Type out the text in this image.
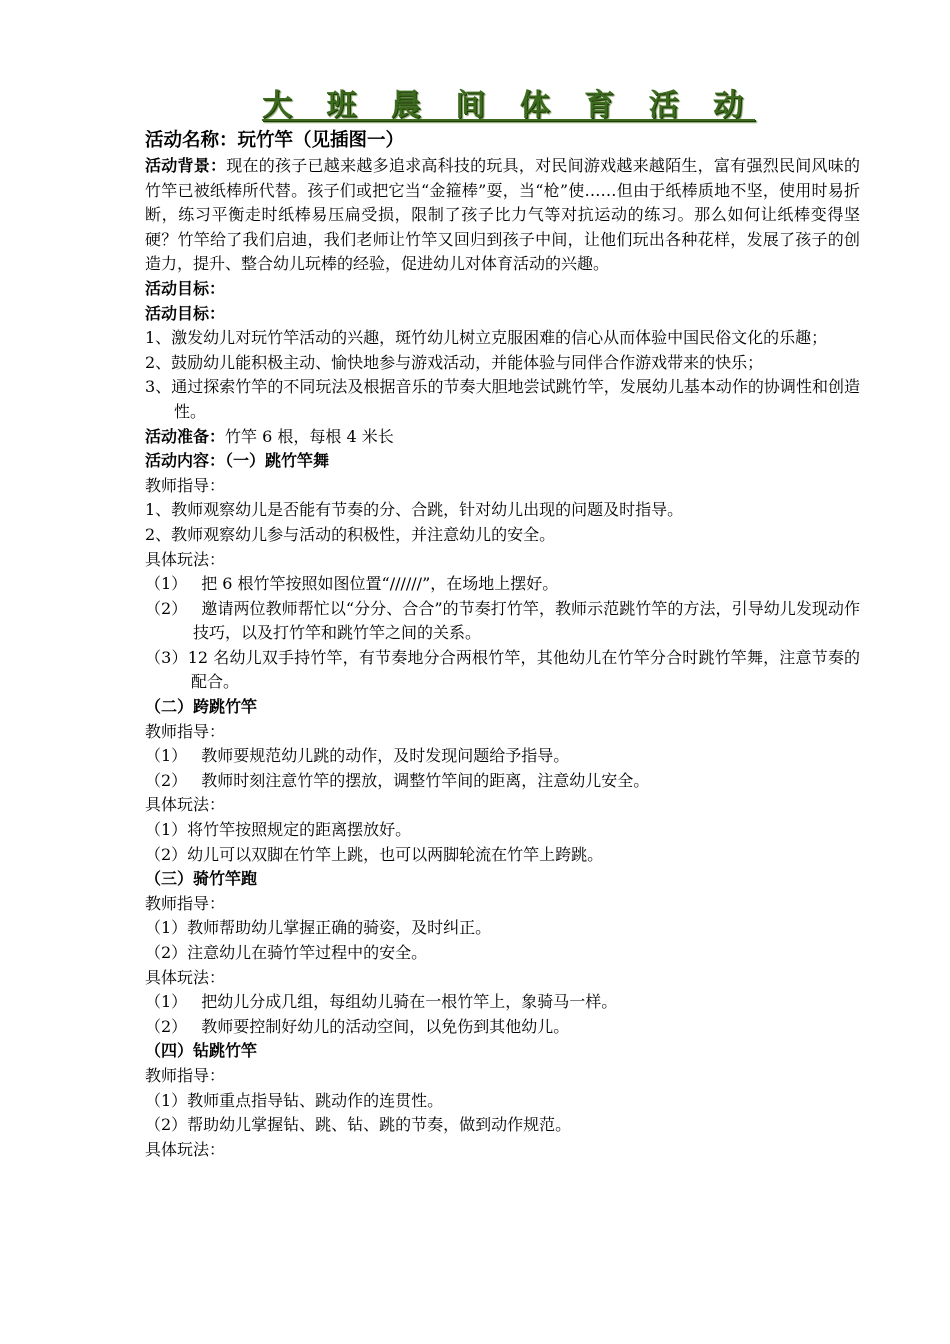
大 班 晨 间 体 育 活 动
活动名称：玩竹竿（见插图一）

活动背景：现在的孩子已越来越多追求高科技的玩具，对民间游戏越来越陌生，富有强烈民间风味的竹竿已被纸棒所代替。孩子们或把它当“金箍棒”耍，当“枪”使……但由于纸棒质地不坚，使用时易折断，练习平衡走时纸棒易压扁受损，限制了孩子比力气等对抗运动的练习。那么如何让纸棒变得坚硬？竹竿给了我们启迪，我们老师让竹竿又回归到孩子中间，让他们玩出各种花样，发展了孩子的创造力，提升、整合幼儿玩棒的经验，促进幼儿对体育活动的兴趣。

活动目标：
活动目标：

1、激发幼儿对玩竹竿活动的兴趣，斑竹幼儿树立克服困难的信心从而体验中国民俗文化的乐趣；

2、鼓励幼儿能积极主动、愉快地参与游戏活动，并能体验与同伴合作游戏带来的快乐；

3、通过探索竹竿的不同玩法及根据音乐的节奏大胆地尝试跳竹竿，发展幼儿基本动作的协调性和创造性。

活动准备：竹竿 6 根，每根 4 米长

活动内容：（一）跳竹竿舞

教师指导：

1、教师观察幼儿是否能有节奏的分、合跳，针对幼儿出现的问题及时指导。

2、教师观察幼儿参与活动的积极性，并注意幼儿的安全。

具体玩法：

（1） 把 6 根竹竿按照如图位置“//////”，在场地上摆好。

（2） 邀请两位教师帮忙以“分分、合合”的节奏打竹竿，教师示范跳竹竿的方法，引导幼儿发现动作技巧，以及打竹竿和跳竹竿之间的关系。

（3）12 名幼儿双手持竹竿，有节奏地分合两根竹竿，其他幼儿在竹竿分合时跳竹竿舞，注意节奏的配合。

（二）跨跳竹竿
教师指导：

（1） 教师要规范幼儿跳的动作，及时发现问题给予指导。

（2） 教师时刻注意竹竿的摆放，调整竹竿间的距离，注意幼儿安全。

具体玩法：

（1）将竹竿按照规定的距离摆放好。

（2）幼儿可以双脚在竹竿上跳，也可以两脚轮流在竹竿上跨跳。

（三）骑竹竿跑
教师指导：

（1）教师帮助幼儿掌握正确的骑姿，及时纠正。

（2）注意幼儿在骑竹竿过程中的安全。

具体玩法：

（1） 把幼儿分成几组，每组幼儿骑在一根竹竿上，象骑马一样。

（2） 教师要控制好幼儿的活动空间，以免伤到其他幼儿。

（四）钻跳竹竿
教师指导：

（1）教师重点指导钻、跳动作的连贯性。

（2）帮助幼儿掌握钻、跳、钻、跳的节奏，做到动作规范。

具体玩法：
